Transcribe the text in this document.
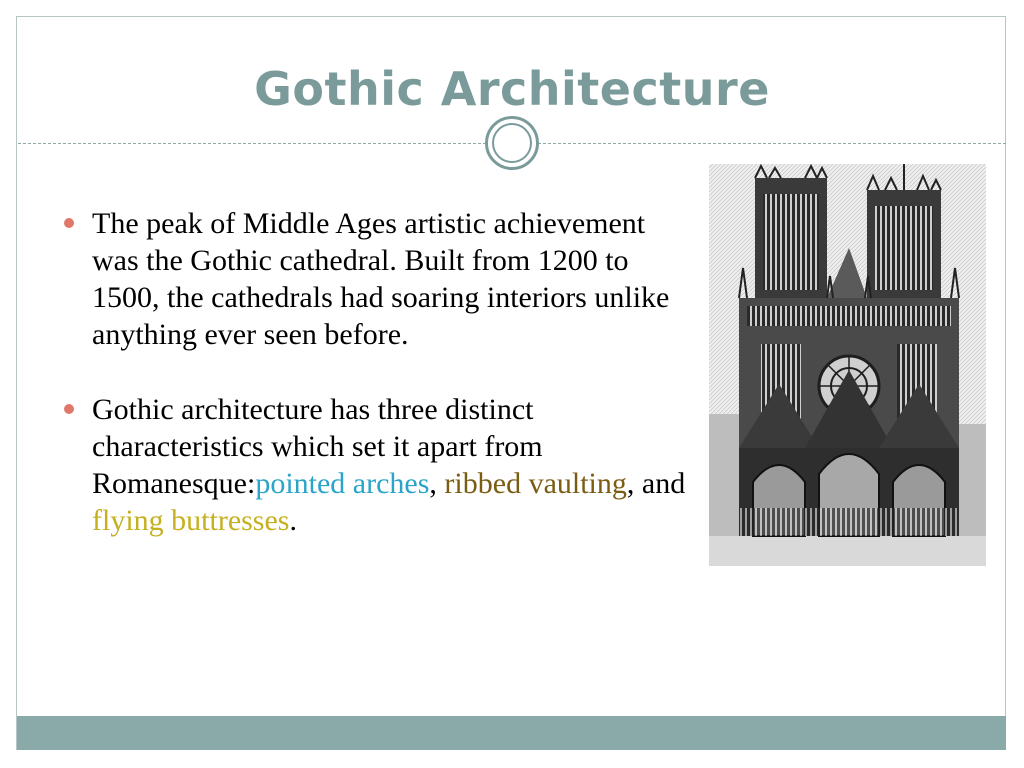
Gothic Architecture

The peak of Middle Ages artistic achievement was the Gothic cathedral. Built from 1200 to 1500, the cathedrals had soaring interiors unlike anything ever seen before.

Gothic architecture has three distinct characteristics which set it apart from Romanesque:pointed arches, ribbed vaulting, and flying buttresses.
